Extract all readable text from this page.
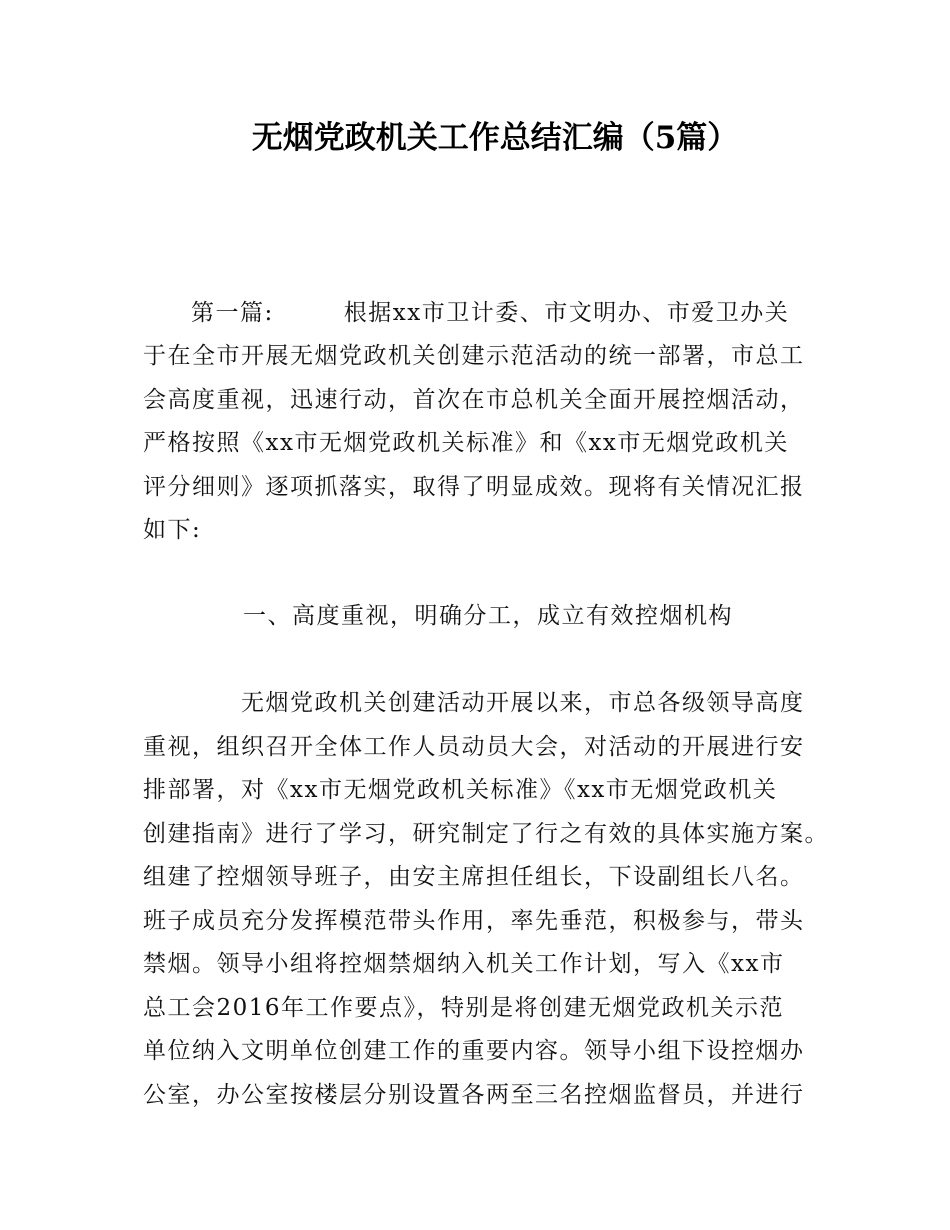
无烟党政机关工作总结汇编（5篇）
第一篇:	根据xx市卫计委、市文明办、市爱卫办关
于在全市开展无烟党政机关创建示范活动的统一部署，市总工
会高度重视，迅速行动，首次在市总机关全面开展控烟活动，
严格按照《xx市无烟党政机关标准》和《xx市无烟党政机关
评分细则》逐项抓落实，取得了明显成效。现将有关情况汇报
如下:
一、高度重视，明确分工，成立有效控烟机构
无烟党政机关创建活动开展以来，市总各级领导高度
重视，组织召开全体工作人员动员大会，对活动的开展进行安
排部署，对《xx市无烟党政机关标准》《xx市无烟党政机关
创建指南》进行了学习，研究制定了行之有效的具体实施方案。
组建了控烟领导班子，由安主席担任组长，下设副组长八名。
班子成员充分发挥模范带头作用，率先垂范，积极参与，带头
禁烟。领导小组将控烟禁烟纳入机关工作计划，写入《xx市
总工会2016年工作要点》，特别是将创建无烟党政机关示范
单位纳入文明单位创建工作的重要内容。领导小组下设控烟办
公室，办公室按楼层分别设置各两至三名控烟监督员，并进行
